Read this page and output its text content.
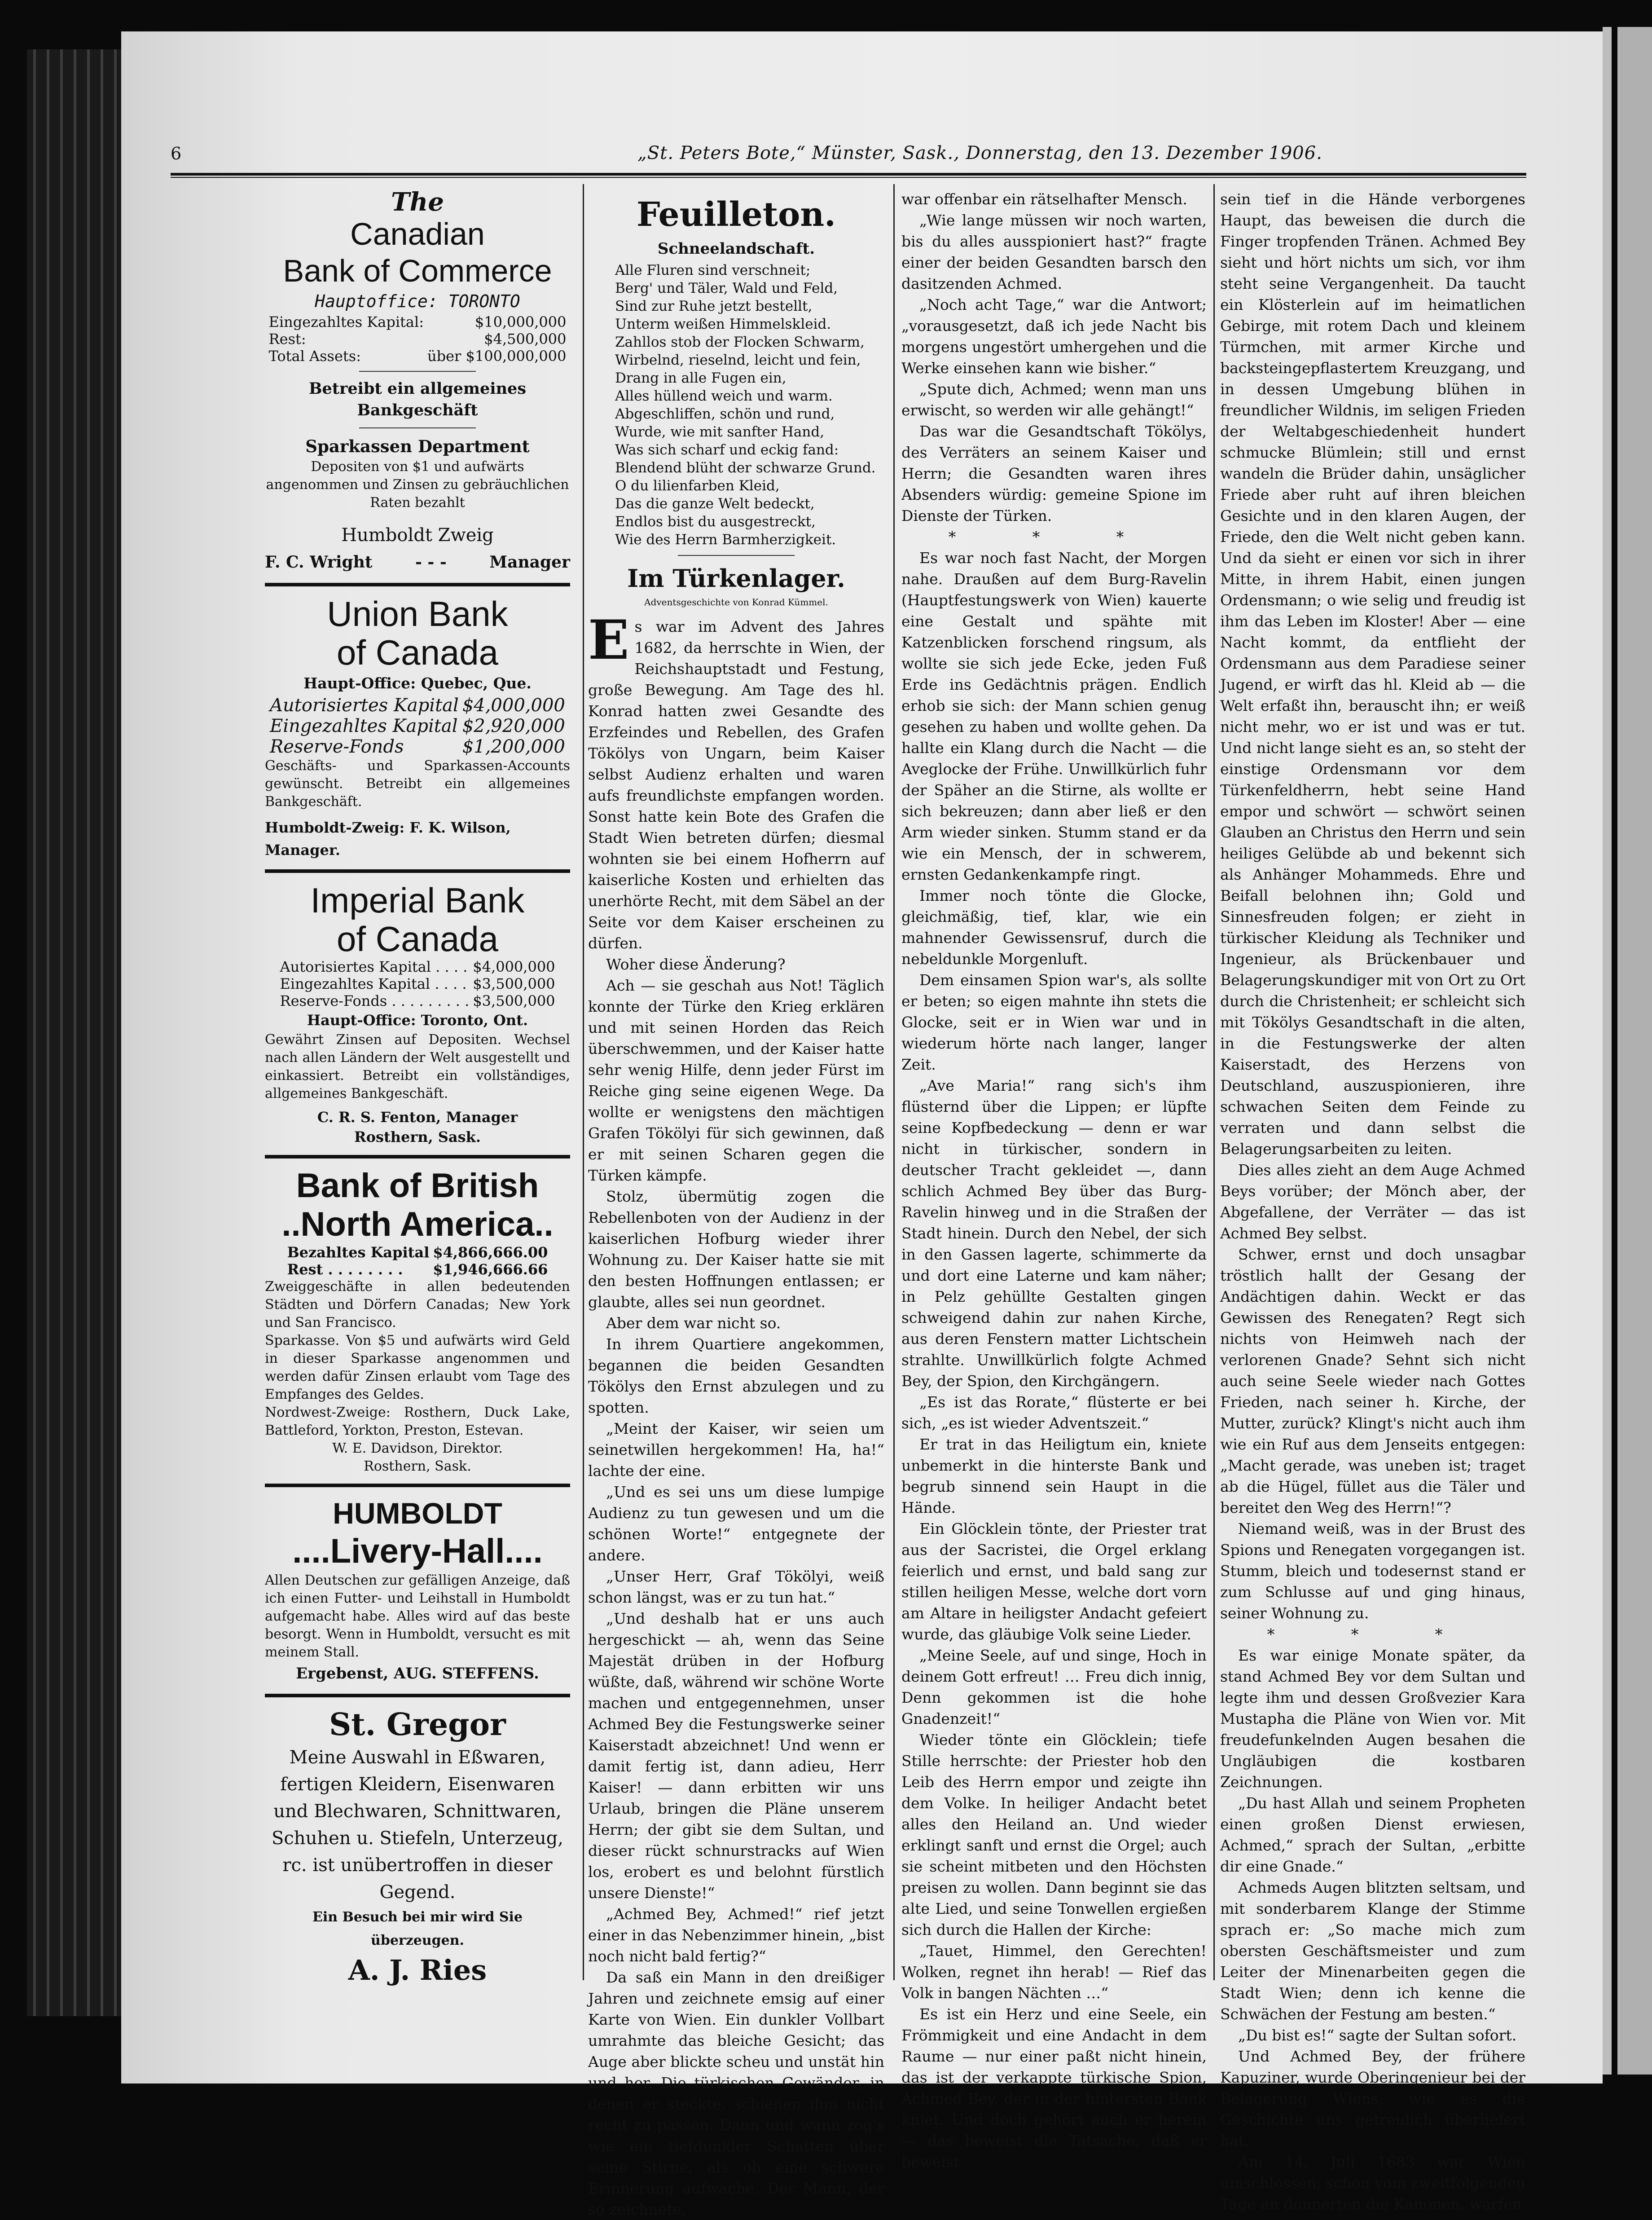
6	„St. Peters Bote,“ Münster, Sask., Donnerstag, den 13. Dezember 1906.
The

Canadian

Bank of Commerce

Hauptoffice: TORONTO
Eingezahltes Kapital:	$10,000,000
Rest:	$4,500,000
Total Assets:	über $100,000,000
Betreibt ein allgemeines Bankgeschäft
Sparkassen Department
Depositen von $1 und aufwärts angenommen und Zinsen zu gebräuchlichen Raten bezahlt
Humboldt Zweig
F. C. Wright	- - -	Manager

Union Bank

of Canada

Haupt-Office: Quebec, Que.
Autorisiertes Kapital	$4,000,000
Eingezahltes Kapital	$2,920,000
Reserve-Fonds	$1,200,000
Geschäfts- und Sparkassen-Accounts gewünscht. Betreibt ein allgemeines Bankgeschäft.
Humboldt-Zweig: F. K. Wilson, Manager.

Imperial Bank

of Canada

Autorisiertes Kapital . . . .	$4,000,000
Eingezahltes Kapital . . . .	$3,500,000
Reserve-Fonds . . . . . . . . .	$3,500,000
Haupt-Office: Toronto, Ont.
Gewährt Zinsen auf Depositen. Wechsel nach allen Ländern der Welt ausgestellt und einkassiert. Betreibt ein vollständiges, allgemeines Bankgeschäft.
C. R. S. Fenton, Manager
Rosthern, Sask.

Bank of British

..North America..

Bezahltes Kapital	$4,866,666.00
Rest . . . . . . . .	$1,946,666.66
Zweiggeschäfte in allen bedeutenden Städten und Dörfern Canadas; New York und San Francisco.
Sparkasse. Von $5 und aufwärts wird Geld in dieser Sparkasse angenommen und werden dafür Zinsen erlaubt vom Tage des Empfanges des Geldes.
Nordwest-Zweige: Rosthern, Duck Lake, Battleford, Yorkton, Preston, Estevan.
W. E. Davidson, Direktor.
Rosthern, Sask.

HUMBOLDT

....Livery-Hall....

Allen Deutschen zur gefälligen Anzeige, daß ich einen Futter- und Leihstall in Humboldt aufgemacht habe. Alles wird auf das beste besorgt. Wenn in Humboldt, versucht es mit meinem Stall.
Ergebenst, AUG. STEFFENS.
St. Gregor
Meine Auswahl in Eßwaren, fertigen Kleidern, Eisenwaren und Blechwaren, Schnittwaren, Schuhen u. Stiefeln, Unterzeug, rc. ist unübertroffen in dieser Gegend.
Ein Besuch bei mir wird Sie überzeugen.
A. J. Ries
Feuilleton.
Schneelandschaft.
Alle Fluren sind verschneit;
Berg' und Täler, Wald und Feld,
Sind zur Ruhe jetzt bestellt,
Unterm weißen Himmelskleid.
Zahllos stob der Flocken Schwarm,
Wirbelnd, rieselnd, leicht und fein,
Drang in alle Fugen ein,
Alles hüllend weich und warm.
Abgeschliffen, schön und rund,
Wurde, wie mit sanfter Hand,
Was sich scharf und eckig fand:
Blendend blüht der schwarze Grund.
O du lilienfarben Kleid,
Das die ganze Welt bedeckt,
Endlos bist du ausgestreckt,
Wie des Herrn Barmherzigkeit.
Im Türkenlager.
Adventsgeschichte von Konrad Kümmel.
E s war im Advent des Jahres 1682, da herrschte in Wien, der Reichshauptstadt und Festung, große Bewegung. Am Tage des hl. Konrad hatten zwei Gesandte des Erzfeindes und Rebellen, des Grafen Tökölys von Ungarn, beim Kaiser selbst Audienz erhalten und waren aufs freundlichste empfangen worden. Sonst hatte kein Bote des Grafen die Stadt Wien betreten dürfen; diesmal wohnten sie bei einem Hofherrn auf kaiserliche Kosten und erhielten das unerhörte Recht, mit dem Säbel an der Seite vor dem Kaiser erscheinen zu dürfen.

Woher diese Änderung?

Ach — sie geschah aus Not! Täglich konnte der Türke den Krieg erklären und mit seinen Horden das Reich überschwemmen, und der Kaiser hatte sehr wenig Hilfe, denn jeder Fürst im Reiche ging seine eigenen Wege. Da wollte er wenigstens den mächtigen Grafen Tökölyi für sich gewinnen, daß er mit seinen Scharen gegen die Türken kämpfe.

Stolz, übermütig zogen die Rebellenboten von der Audienz in der kaiserlichen Hofburg wieder ihrer Wohnung zu. Der Kaiser hatte sie mit den besten Hoffnungen entlassen; er glaubte, alles sei nun geordnet.

Aber dem war nicht so.

In ihrem Quartiere angekommen, begannen die beiden Gesandten Tökölys den Ernst abzulegen und zu spotten.

„Meint der Kaiser, wir seien um seinetwillen hergekommen! Ha, ha!“ lachte der eine.

„Und es sei uns um diese lumpige Audienz zu tun gewesen und um die schönen Worte!“ entgegnete der andere.

„Unser Herr, Graf Tökölyi, weiß schon längst, was er zu tun hat.“

„Und deshalb hat er uns auch hergeschickt — ah, wenn das Seine Majestät drüben in der Hofburg wüßte, daß, während wir schöne Worte machen und entgegennehmen, unser Achmed Bey die Festungswerke seiner Kaiserstadt abzeichnet! Und wenn er damit fertig ist, dann adieu, Herr Kaiser! — dann erbitten wir uns Urlaub, bringen die Pläne unserem Herrn; der gibt sie dem Sultan, und dieser rückt schnurstracks auf Wien los, erobert es und belohnt fürstlich unsere Dienste!“

„Achmed Bey, Achmed!“ rief jetzt einer in das Nebenzimmer hinein, „bist noch nicht bald fertig?“

Da saß ein Mann in den dreißiger Jahren und zeichnete emsig auf einer Karte von Wien. Ein dunkler Vollbart umrahmte das bleiche Gesicht; das Auge aber blickte scheu und unstät hin und her. Die türkischen Gewänder, in denen er steckte, schienen ihm nicht recht zu passen. Dann und wann zog's wie ein tiefdunkler Schatten über seine Stirne, als ob eine schwere Erinnerung aufwache. Der Mann, der so zeichnete,

war offenbar ein rätselhafter Mensch.

„Wie lange müssen wir noch warten, bis du alles ausspioniert hast?“ fragte einer der beiden Gesandten barsch den dasitzenden Achmed.

„Noch acht Tage,“ war die Antwort; „vorausgesetzt, daß ich jede Nacht bis morgens ungestört umhergehen und die Werke einsehen kann wie bisher.“

„Spute dich, Achmed; wenn man uns erwischt, so werden wir alle gehängt!“

Das war die Gesandtschaft Tökölys, des Verräters an seinem Kaiser und Herrn; die Gesandten waren ihres Absenders würdig: gemeine Spione im Dienste der Türken.

* * *

Es war noch fast Nacht, der Morgen nahe. Draußen auf dem Burg-Ravelin (Hauptfestungswerk von Wien) kauerte eine Gestalt und spähte mit Katzenblicken forschend ringsum, als wollte sie sich jede Ecke, jeden Fuß Erde ins Gedächtnis prägen. Endlich erhob sie sich: der Mann schien genug gesehen zu haben und wollte gehen. Da hallte ein Klang durch die Nacht — die Aveglocke der Frühe. Unwillkürlich fuhr der Späher an die Stirne, als wollte er sich bekreuzen; dann aber ließ er den Arm wieder sinken. Stumm stand er da wie ein Mensch, der in schwerem, ernsten Gedankenkampfe ringt.

Immer noch tönte die Glocke, gleichmäßig, tief, klar, wie ein mahnender Gewissensruf, durch die nebeldunkle Morgenluft.

Dem einsamen Spion war's, als sollte er beten; so eigen mahnte ihn stets die Glocke, seit er in Wien war und in wiederum hörte nach langer, langer Zeit.

„Ave Maria!“ rang sich's ihm flüsternd über die Lippen; er lüpfte seine Kopfbedeckung — denn er war nicht in türkischer, sondern in deutscher Tracht gekleidet —, dann schlich Achmed Bey über das Burg-Ravelin hinweg und in die Straßen der Stadt hinein. Durch den Nebel, der sich in den Gassen lagerte, schimmerte da und dort eine Laterne und kam näher; in Pelz gehüllte Gestalten gingen schweigend dahin zur nahen Kirche, aus deren Fenstern matter Lichtschein strahlte. Unwillkürlich folgte Achmed Bey, der Spion, den Kirchgängern.

„Es ist das Rorate,“ flüsterte er bei sich, „es ist wieder Adventszeit.“

Er trat in das Heiligtum ein, kniete unbemerkt in die hinterste Bank und begrub sinnend sein Haupt in die Hände.

Ein Glöcklein tönte, der Priester trat aus der Sacristei, die Orgel erklang feierlich und ernst, und bald sang zur stillen heiligen Messe, welche dort vorn am Altare in heiligster Andacht gefeiert wurde, das gläubige Volk seine Lieder.

„Meine Seele, auf und singe, Hoch in deinem Gott erfreut! … Freu dich innig, Denn gekommen ist die hohe Gnadenzeit!“

Wieder tönte ein Glöcklein; tiefe Stille herrschte: der Priester hob den Leib des Herrn empor und zeigte ihn dem Volke. In heiliger Andacht betet alles den Heiland an. Und wieder erklingt sanft und ernst die Orgel; auch sie scheint mitbeten und den Höchsten preisen zu wollen. Dann beginnt sie das alte Lied, und seine Tonwellen ergießen sich durch die Hallen der Kirche:

„Tauet, Himmel, den Gerechten! Wolken, regnet ihn herab! — Rief das Volk in bangen Nächten …“

Es ist ein Herz und eine Seele, ein Frömmigkeit und eine Andacht in dem Raume — nur einer paßt nicht hinein, das ist der verkappte türkische Spion, Achmed Bey, der in der hintersten Bank kniet. Und doch gehört auch er herein — das beweist die Tatsache, daß er beweist

sein tief in die Hände verborgenes Haupt, das beweisen die durch die Finger tropfenden Tränen. Achmed Bey sieht und hört nichts um sich, vor ihm steht seine Vergangenheit. Da taucht ein Klösterlein auf im heimatlichen Gebirge, mit rotem Dach und kleinem Türmchen, mit armer Kirche und backsteingepflastertem Kreuzgang, und in dessen Umgebung blühen in freundlicher Wildnis, im seligen Frieden der Weltabgeschiedenheit hundert schmucke Blümlein; still und ernst wandeln die Brüder dahin, unsäglicher Friede aber ruht auf ihren bleichen Gesichte und in den klaren Augen, der Friede, den die Welt nicht geben kann. Und da sieht er einen vor sich in ihrer Mitte, in ihrem Habit, einen jungen Ordensmann; o wie selig und freudig ist ihm das Leben im Kloster! Aber — eine Nacht kommt, da entflieht der Ordensmann aus dem Paradiese seiner Jugend, er wirft das hl. Kleid ab — die Welt erfaßt ihn, berauscht ihn; er weiß nicht mehr, wo er ist und was er tut. Und nicht lange sieht es an, so steht der einstige Ordensmann vor dem Türkenfeldherrn, hebt seine Hand empor und schwört — schwört seinen Glauben an Christus den Herrn und sein heiliges Gelübde ab und bekennt sich als Anhänger Mohammeds. Ehre und Beifall belohnen ihn; Gold und Sinnesfreuden folgen; er zieht in türkischer Kleidung als Techniker und Ingenieur, als Brückenbauer und Belagerungskundiger mit von Ort zu Ort durch die Christenheit; er schleicht sich mit Tökölys Gesandtschaft in die alten, in die Festungswerke der alten Kaiserstadt, des Herzens von Deutschland, auszuspionieren, ihre schwachen Seiten dem Feinde zu verraten und dann selbst die Belagerungsarbeiten zu leiten.

Dies alles zieht an dem Auge Achmed Beys vorüber; der Mönch aber, der Abgefallene, der Verräter — das ist Achmed Bey selbst.

Schwer, ernst und doch unsagbar tröstlich hallt der Gesang der Andächtigen dahin. Weckt er das Gewissen des Renegaten? Regt sich nichts von Heimweh nach der verlorenen Gnade? Sehnt sich nicht auch seine Seele wieder nach Gottes Frieden, nach seiner h. Kirche, der Mutter, zurück? Klingt's nicht auch ihm wie ein Ruf aus dem Jenseits entgegen: „Macht gerade, was uneben ist; traget ab die Hügel, füllet aus die Täler und bereitet den Weg des Herrn!“?

Niemand weiß, was in der Brust des Spions und Renegaten vorgegangen ist. Stumm, bleich und todesernst stand er zum Schlusse auf und ging hinaus, seiner Wohnung zu.

* * *

Es war einige Monate später, da stand Achmed Bey vor dem Sultan und legte ihm und dessen Großvezier Kara Mustapha die Pläne von Wien vor. Mit freudefunkelnden Augen besahen die Ungläubigen die kostbaren Zeichnungen.

„Du hast Allah und seinem Propheten einen großen Dienst erwiesen, Achmed,“ sprach der Sultan, „erbitte dir eine Gnade.“

Achmeds Augen blitzten seltsam, und mit sonderbarem Klange der Stimme sprach er: „So mache mich zum obersten Geschäftsmeister und zum Leiter der Minenarbeiten gegen die Stadt Wien; denn ich kenne die Schwächen der Festung am besten.“

„Du bist es!“ sagte der Sultan sofort.

Und Achmed Bey, der frühere Kapuziner, wurde Oberingenieur bei der Belagerung Wiens, wie es die Geschichte uns getreulich überliefert hat.

Am 14. Juli 1683 war Wien umschlossen; schon vom zweitfolgenden Tage an donnerten die Kanonen, warfen
